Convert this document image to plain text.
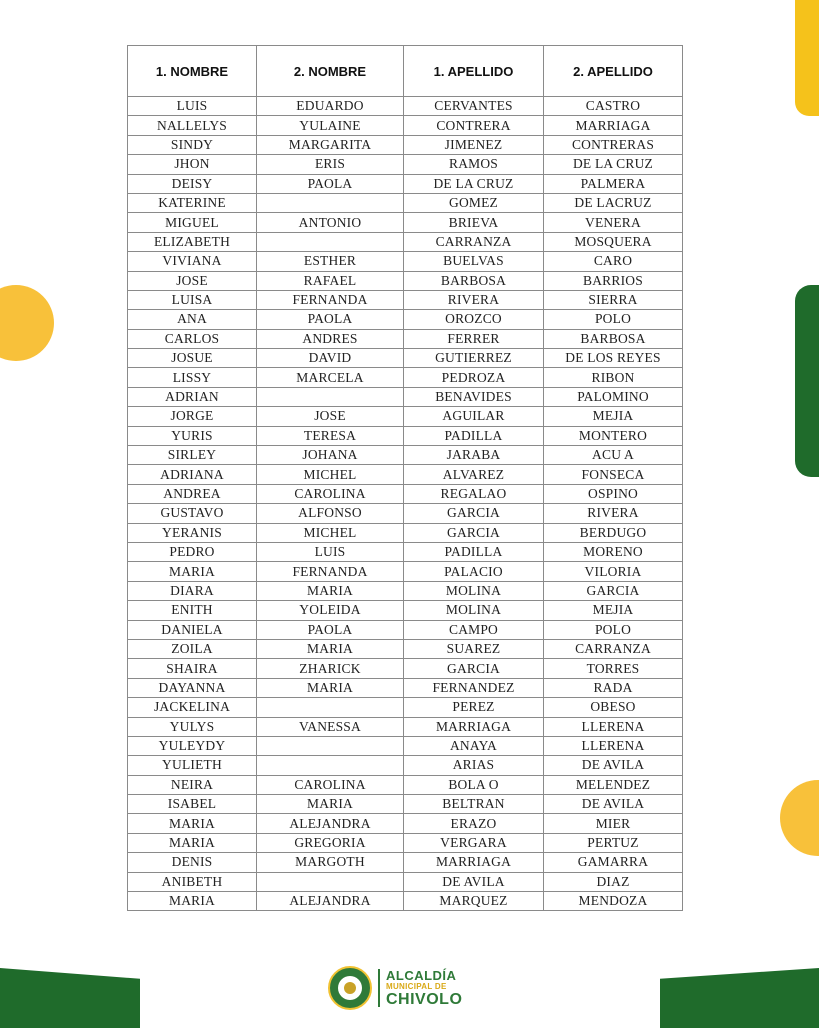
1. NOMBRE	2. NOMBRE	1. APELLIDO	2. APELLIDO
LUIS	EDUARDO	CERVANTES	CASTRO
NALLELYS	YULAINE	CONTRERA	MARRIAGA
SINDY	MARGARITA	JIMENEZ	CONTRERAS
JHON	ERIS	RAMOS	DE LA CRUZ
DEISY	PAOLA	DE LA CRUZ	PALMERA
KATERINE		GOMEZ	DE LACRUZ
MIGUEL	ANTONIO	BRIEVA	VENERA
ELIZABETH		CARRANZA	MOSQUERA
VIVIANA	ESTHER	BUELVAS	CARO
JOSE	RAFAEL	BARBOSA	BARRIOS
LUISA	FERNANDA	RIVERA	SIERRA
ANA	PAOLA	OROZCO	POLO
CARLOS	ANDRES	FERRER	BARBOSA
JOSUE	DAVID	GUTIERREZ	DE LOS REYES
LISSY	MARCELA	PEDROZA	RIBON
ADRIAN		BENAVIDES	PALOMINO
JORGE	JOSE	AGUILAR	MEJIA
YURIS	TERESA	PADILLA	MONTERO
SIRLEY	JOHANA	JARABA	ACU A
ADRIANA	MICHEL	ALVAREZ	FONSECA
ANDREA	CAROLINA	REGALAO	OSPINO
GUSTAVO	ALFONSO	GARCIA	RIVERA
YERANIS	MICHEL	GARCIA	BERDUGO
PEDRO	LUIS	PADILLA	MORENO
MARIA	FERNANDA	PALACIO	VILORIA
DIARA	MARIA	MOLINA	GARCIA
ENITH	YOLEIDA	MOLINA	MEJIA
DANIELA	PAOLA	CAMPO	POLO
ZOILA	MARIA	SUAREZ	CARRANZA
SHAIRA	ZHARICK	GARCIA	TORRES
DAYANNA	MARIA	FERNANDEZ	RADA
JACKELINA		PEREZ	OBESO
YULYS	VANESSA	MARRIAGA	LLERENA
YULEYDY		ANAYA	LLERENA
YULIETH		ARIAS	DE AVILA
NEIRA	CAROLINA	BOLA O	MELENDEZ
ISABEL	MARIA	BELTRAN	DE AVILA
MARIA	ALEJANDRA	ERAZO	MIER
MARIA	GREGORIA	VERGARA	PERTUZ
DENIS	MARGOTH	MARRIAGA	GAMARRA
ANIBETH		DE AVILA	DIAZ
MARIA	ALEJANDRA	MARQUEZ	MENDOZA
ALCALDÍA
MUNICIPAL DE
CHIVOLO
